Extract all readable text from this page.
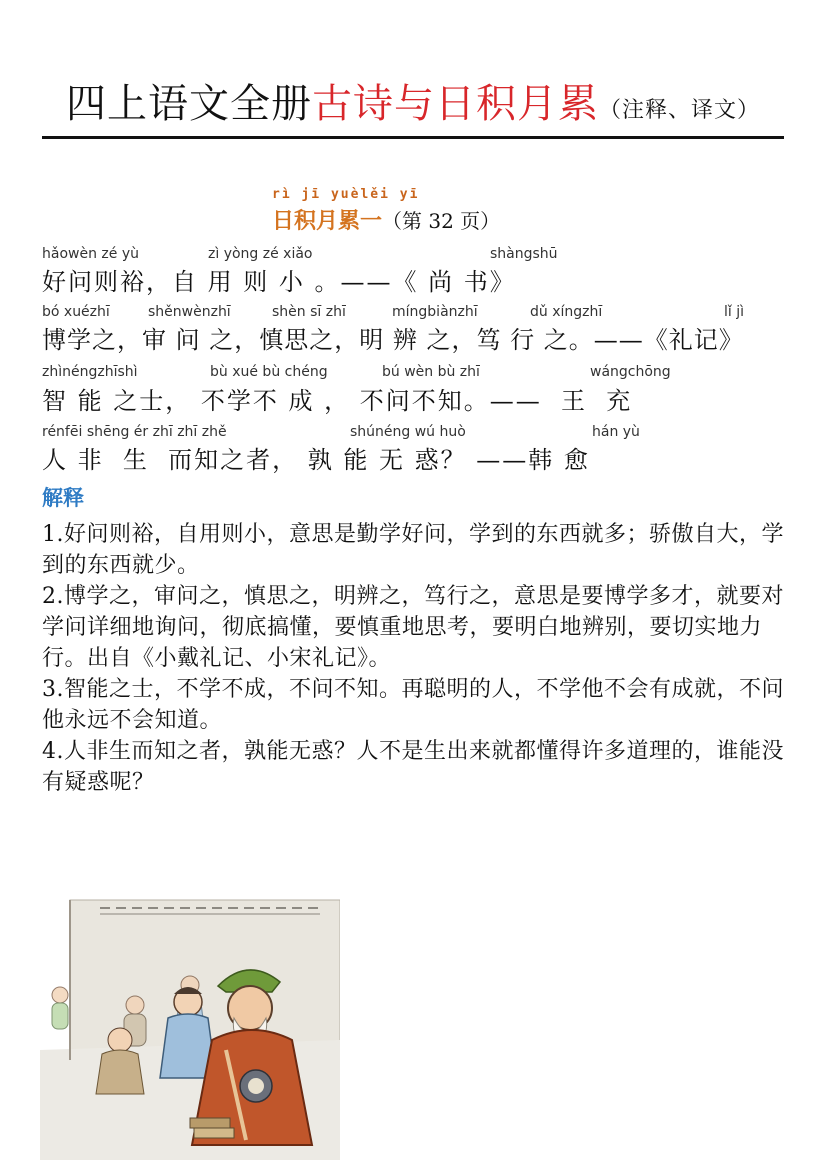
四上语文全册古诗与日积月累（注释、译文）
rì jī yuèlěi yī
日积月累一（第 32 页）
hǎowèn zé yù	zì yòng zé xiǎo	shàngshū
好问则裕，自 用 则 小 。——《 尚 书》
bó xuézhī	shěnwènzhī	shèn sī zhī	míngbiànzhī	dǔ xíngzhī	lǐ jì
博学之，审 问 之，慎思之，明 辨 之，笃 行 之。——《礼记》
zhìnéngzhīshì	bù xué bù chéng	bú wèn bù zhī	wángchōng
智 能 之士， 不学不 成 ， 不问不知。——  王  充
rénfēi shēng ér zhī zhī zhě	shúnéng wú huò	hán yù
人 非  生  而知之者， 孰 能 无 惑？ ——韩 愈
解释
1.好问则裕，自用则小，意思是勤学好问，学到的东西就多；骄傲自大，学到的东西就少。
2.博学之，审问之，慎思之，明辨之，笃行之，意思是要博学多才，就要对学问详细地询问，彻底搞懂，要慎重地思考，要明白地辨别，要切实地力行。出自《小戴礼记、小宋礼记》。
3.智能之士，不学不成，不问不知。再聪明的人，不学他不会有成就，不问他永远不会知道。
4.人非生而知之者，孰能无惑？人不是生出来就都懂得许多道理的，谁能没有疑惑呢？
